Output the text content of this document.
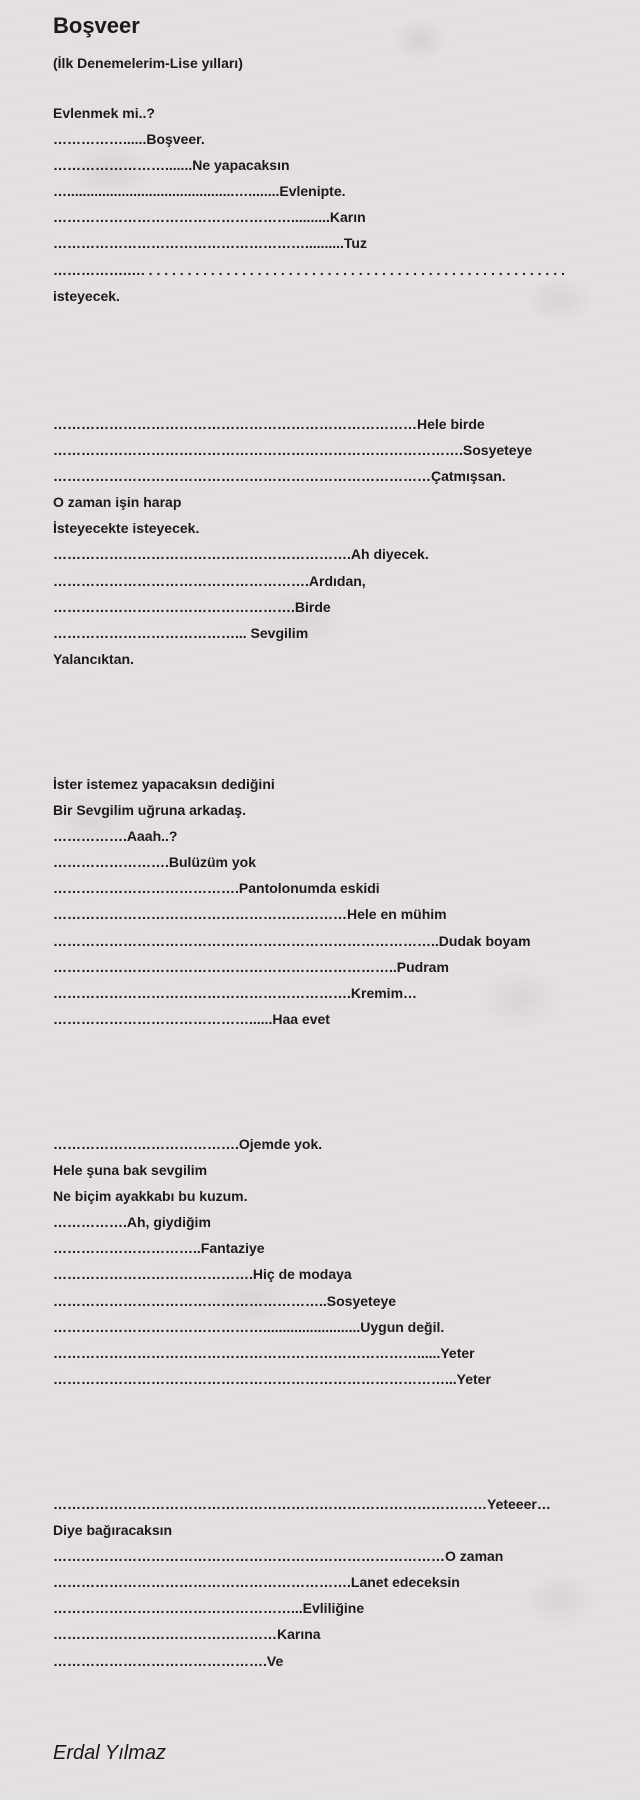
Boşveer
(İlk Denemelerim-Lise yılları)
Evlenmek mi..?
……………......Boşveer.
…………………….......Ne yapacaksın
…...........................................…........Evlenipte.
……………………………………………..........Karın
………………………………………………..........Tuz
…………….…. . . . . . . . . . . . . . . . . . . . . . . . . . . . . . . . . . . . . . . . . . . . . . . . . . . . . . .
isteyecek.
……………………………………………………………………Hele birde
…………………………………………………………………………….Sosyeteye
………………………………………………………………………Çatmışsan.
O zaman işin harap
İsteyecekte isteyecek.
……………………………………………………….Ah diyecek.
……………………………………………….Ardıdan,
…………………………………………….Birde
…………………………………... Sevgilim
Yalancıktan.
İster istemez yapacaksın dediğini
Bir Sevgilim uğruna arkadaş.
…………….Aaah..?
…………………….Bulüzüm yok
………………………………….Pantolonumda eskidi
………………………………………………………Hele en mühim
………………………………………………………………………..Dudak boyam
………………………………………………………………..Pudram
……………………………………………………….Kremim…
……………………………………......Haa evet
………………………………….Ojemde yok.
Hele şuna bak sevgilim
Ne biçim ayakkabı bu kuzum.
…………….Ah, giydiğim
…………………………..Fantaziye
…………………………………….Hiç de modaya
…………………………………………………..Sosyeteye
……………………………………….........................Uygun değil.
……………………………………………………………………......Yeter
…………………………………………………………………………...Yeter
…………………………………………………………………………………Yeteeer…
Diye bağıracaksın
…………………………………………………………………………O zaman
……………………………………………………….Lanet edeceksin
……………………………………………...Evliliğine
…………………………………………Karına
……………………………………….Ve
Erdal Yılmaz
